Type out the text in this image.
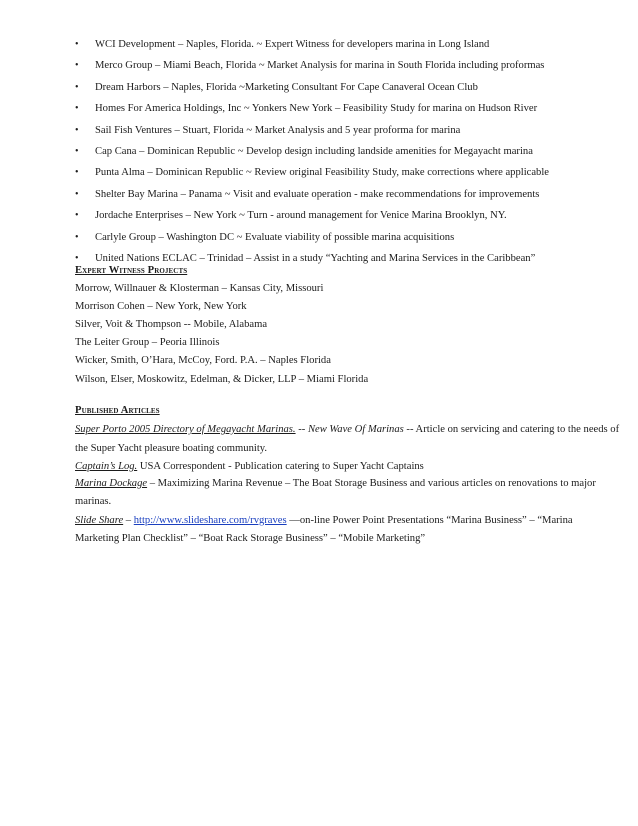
• WCI Development – Naples, Florida. ~ Expert Witness for developers marina in Long Island
• Merco Group – Miami Beach, Florida ~ Market Analysis for marina in South Florida including proformas
• Dream Harbors – Naples, Florida ~Marketing Consultant For Cape Canaveral Ocean Club
• Homes For America Holdings, Inc ~ Yonkers New York – Feasibility Study for marina on Hudson River
• Sail Fish Ventures – Stuart, Florida ~ Market Analysis and 5 year proforma for marina
• Cap Cana – Dominican Republic ~ Develop design including landside amenities for Megayacht marina
• Punta Alma – Dominican Republic ~ Review original Feasibility Study, make corrections where applicable
• Shelter Bay Marina – Panama ~ Visit and evaluate operation - make recommendations for improvements
• Jordache Enterprises – New York ~ Turn - around management for Venice Marina Brooklyn, NY.
• Carlyle Group – Washington DC ~ Evaluate viability of possible marina acquisitions
• United Nations ECLAC – Trinidad – Assist in a study “Yachting and Marina Services in the Caribbean”
Expert Witness Projects
Morrow, Willnauer & Klosterman – Kansas City, Missouri
Morrison Cohen – New York, New York
Silver, Voit & Thompson -- Mobile, Alabama
The Leiter Group – Peoria Illinois
Wicker, Smith, O’Hara, McCoy, Ford. P.A. – Naples Florida
Wilson, Elser, Moskowitz, Edelman, & Dicker, LLP – Miami Florida
Published Articles
Super Porto 2005 Directory of Megayacht Marinas. -- New Wave Of Marinas -- Article on servicing and catering to the needs of
the Super Yacht pleasure boating community.
Captain’s Log. USA Correspondent - Publication catering to Super Yacht Captains
Marina Dockage – Maximizing Marina Revenue – The Boat Storage Business and various articles on renovations to major
marinas.
Slide Share – http://www.slideshare.com/rvgraves —on-line Power Point Presentations “Marina Business” – “Marina
Marketing Plan Checklist” – “Boat Rack Storage Business” – “Mobile Marketing”
